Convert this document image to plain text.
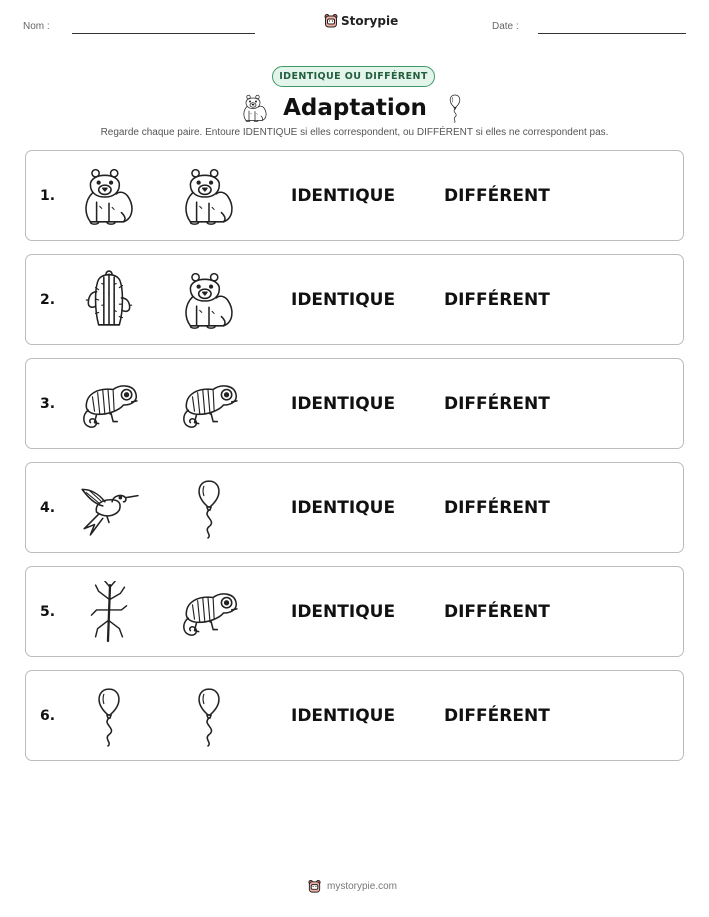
Nom :	Storypie	Date :
IDENTIQUE OU DIFFÉRENT
Adaptation
Regarde chaque paire. Entoure IDENTIQUE si elles correspondent, ou DIFFÉRENT si elles ne correspondent pas.
1.	IDENTIQUE	DIFFÉRENT
2.	IDENTIQUE	DIFFÉRENT
3.	IDENTIQUE	DIFFÉRENT
4.	IDENTIQUE	DIFFÉRENT
5.	IDENTIQUE	DIFFÉRENT
6.	IDENTIQUE	DIFFÉRENT
mystorypie.com
